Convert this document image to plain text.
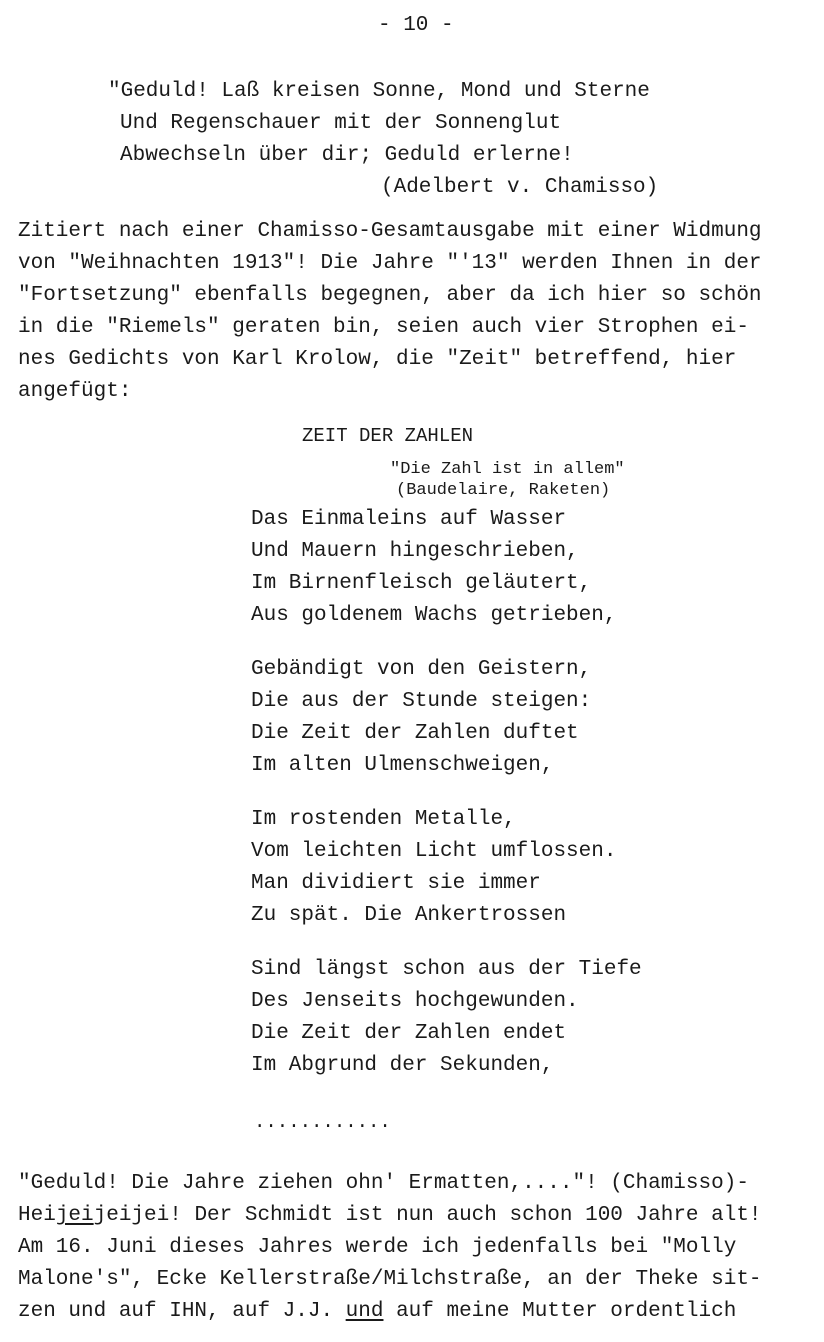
- 10 -
"Geduld! Laß kreisen Sonne, Mond und Sterne
Und Regenschauer mit der Sonnenglut
Abwechseln über dir; Geduld erlerne!
(Adelbert v. Chamisso)
Zitiert nach einer Chamisso-Gesamtausgabe mit einer Widmung
von "Weihnachten 1913"! Die Jahre "'13" werden Ihnen in der
"Fortsetzung" ebenfalls begegnen, aber da ich hier so schön
in die "Riemels" geraten bin, seien auch vier Strophen ei-
nes Gedichts von Karl Krolow, die "Zeit" betreffend, hier
angefügt:
ZEIT DER ZAHLEN
"Die Zahl ist in allem"
(Baudelaire, Raketen)
Das Einmaleins auf Wasser
Und Mauern hingeschrieben,
Im Birnenfleisch geläutert,
Aus goldenem Wachs getrieben,
Gebändigt von den Geistern,
Die aus der Stunde steigen:
Die Zeit der Zahlen duftet
Im alten Ulmenschweigen,
Im rostenden Metalle,
Vom leichten Licht umflossen.
Man dividiert sie immer
Zu spät. Die Ankertrossen
Sind längst schon aus der Tiefe
Des Jenseits hochgewunden.
Die Zeit der Zahlen endet
Im Abgrund der Sekunden,
............
"Geduld! Die Jahre ziehen ohn' Ermatten,...."! (Chamisso)-
Heijeijeijei! Der Schmidt ist nun auch schon 100 Jahre alt!
Am 16. Juni dieses Jahres werde ich jedenfalls bei "Molly
Malone's", Ecke Kellerstraße/Milchstraße, an der Theke sit-
zen und auf IHN, auf J.J. und auf meine Mutter ordentlich
